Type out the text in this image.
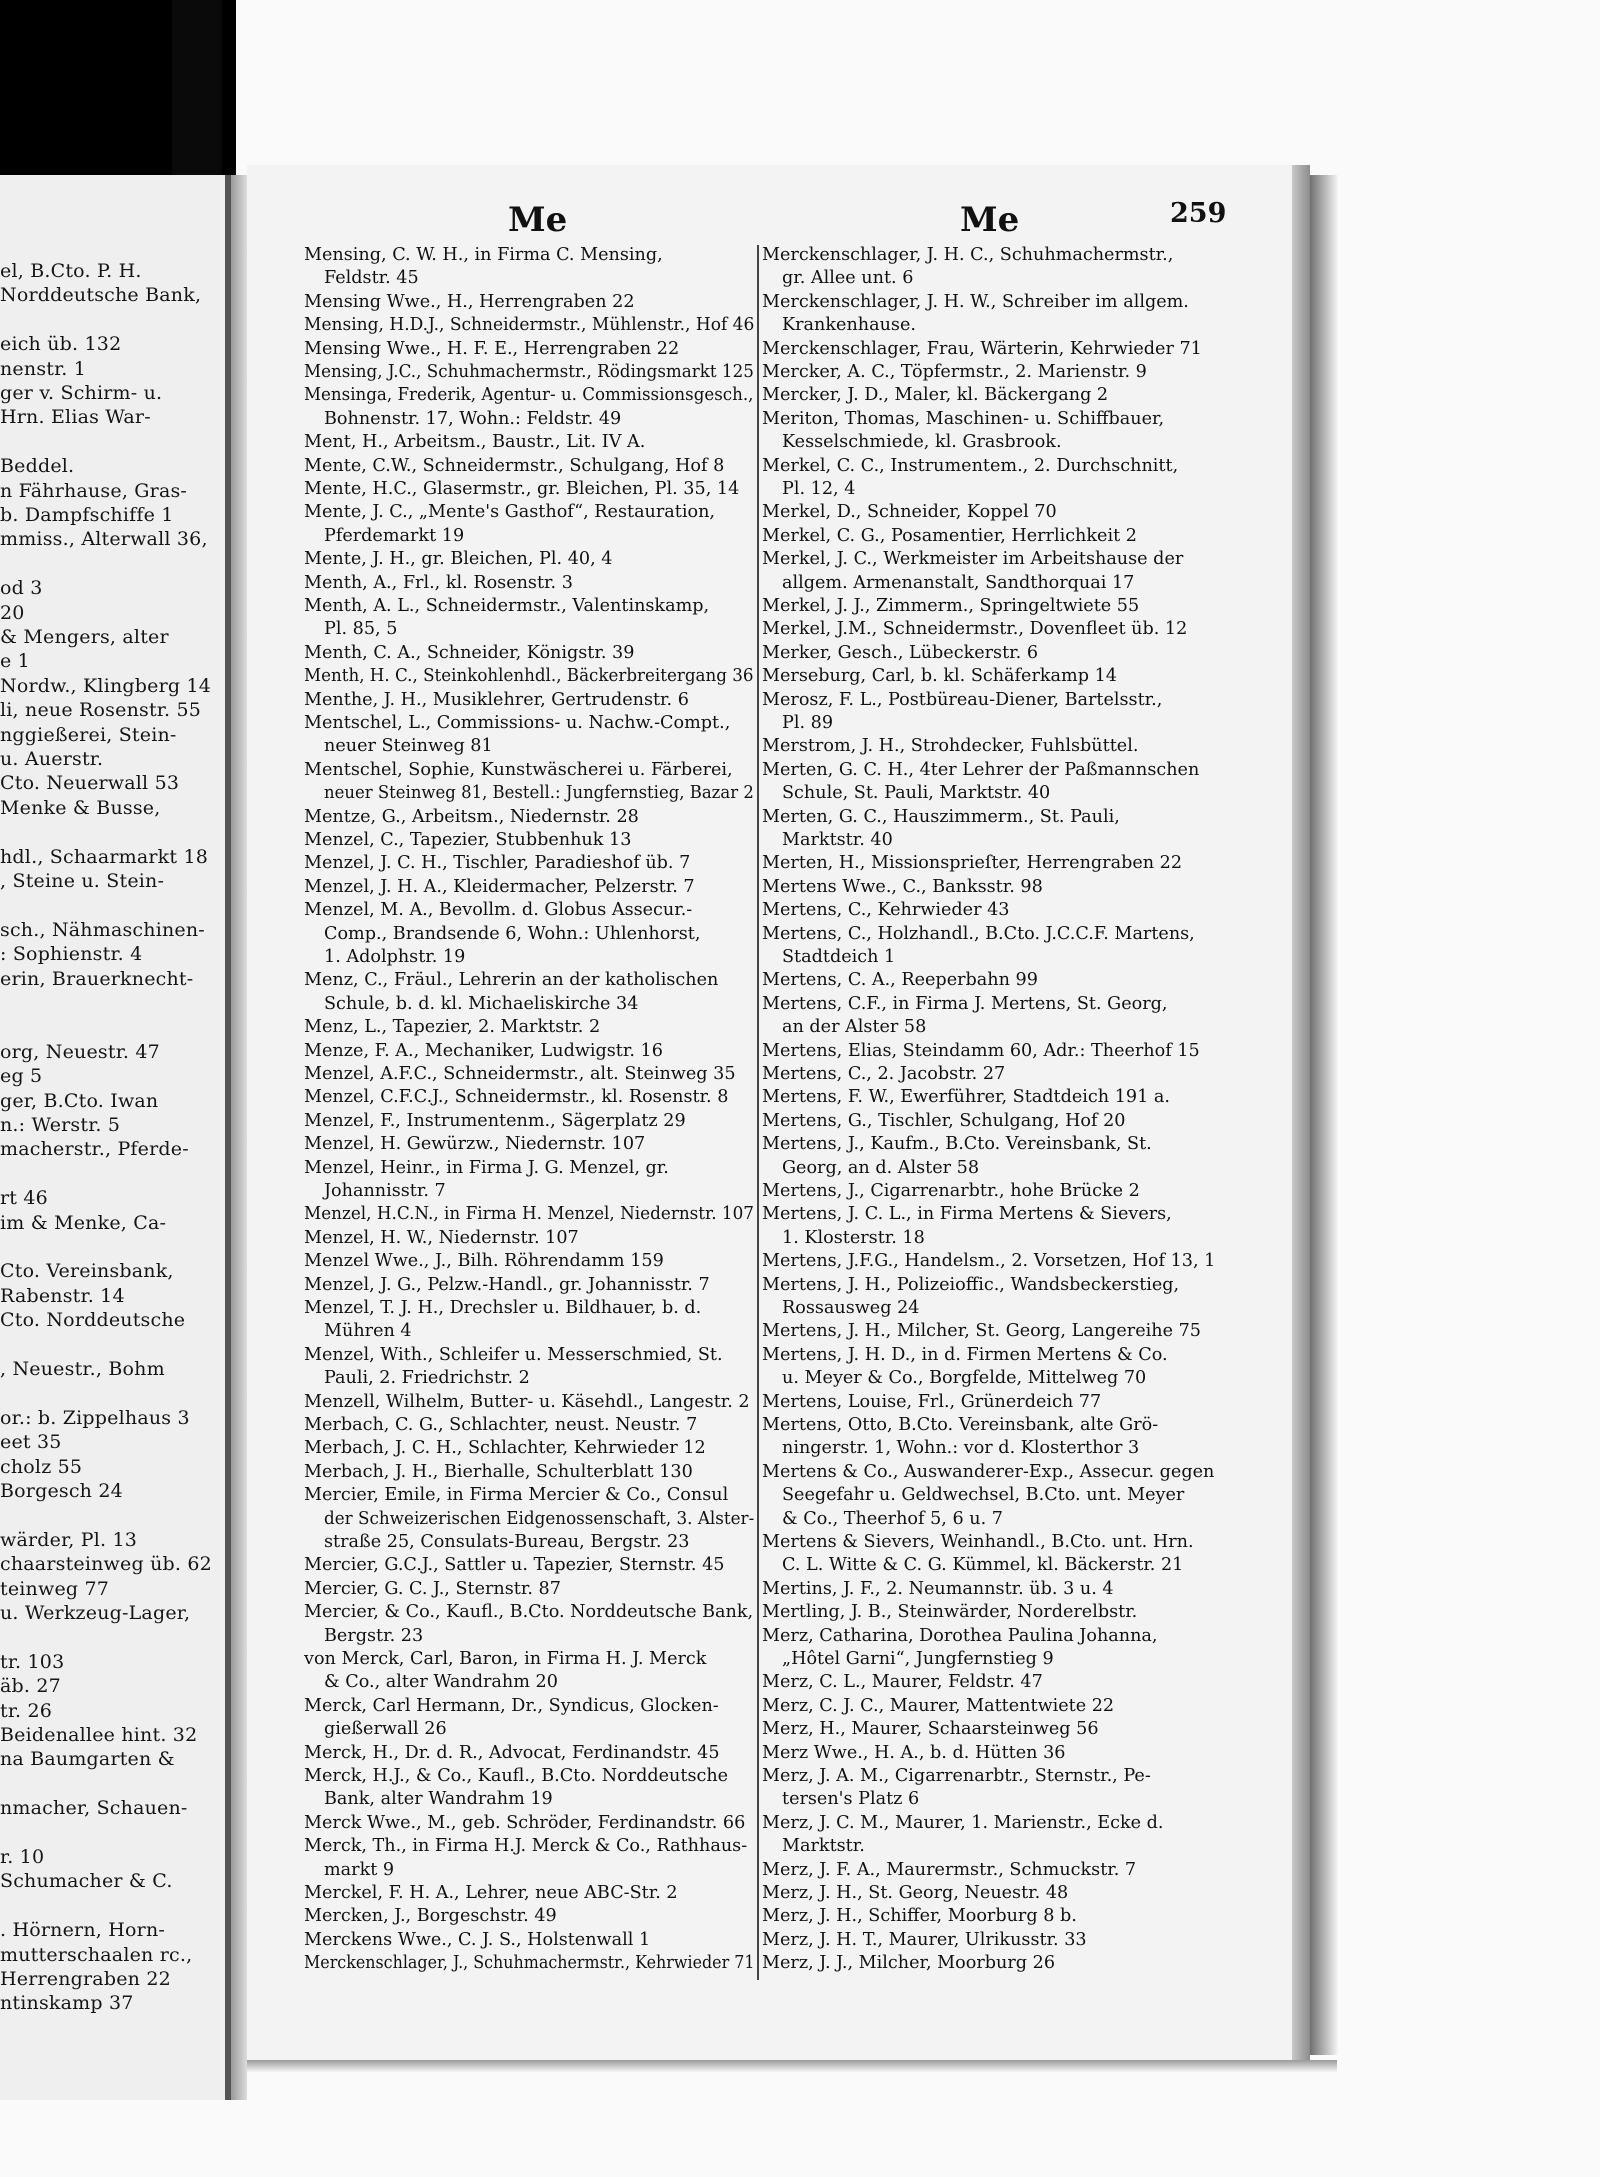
el, B.Cto. P. H.
Norddeutsche Bank,
eich üb. 132
nenstr. 1
ger v. Schirm- u.
Hrn. Elias War-
Beddel.
n Fährhause, Gras-
b. Dampfschiffe 1
mmiss., Alterwall 36,
od 3
20
& Mengers, alter
e 1
Nordw., Klingberg 14
li, neue Rosenstr. 55
nggießerei, Stein-
u. Auerstr.
Cto. Neuerwall 53
Menke & Busse,
hdl., Schaarmarkt 18
, Steine u. Stein-
sch., Nähmaschinen-
: Sophienstr. 4
erin, Brauerknecht-
org, Neuestr. 47
eg 5
ger, B.Cto. Iwan
n.: Werstr. 5
macherstr., Pferde-
rt 46
im & Menke, Ca-
Cto. Vereinsbank,
Rabenstr. 14
Cto. Norddeutsche
, Neuestr., Bohm
or.: b. Zippelhaus 3
eet 35
cholz 55
Borgesch 24
wärder, Pl. 13
chaarsteinweg üb. 62
teinweg 77
u. Werkzeug-Lager,
tr. 103
äb. 27
tr. 26
Beidenallee hint. 32
na Baumgarten &
nmacher, Schauen-
r. 10
Schumacher & C.
. Hörnern, Horn-
mutterschaalen rc.,
Herrengraben 22
ntinskamp 37
Me	Me	259
Mensing, C. W. H., in Firma C. Mensing,
Feldstr. 45
Mensing Wwe., H., Herrengraben 22
Mensing, H.D.J., Schneidermstr., Mühlenstr., Hof 46
Mensing Wwe., H. F. E., Herrengraben 22
Mensing, J.C., Schuhmachermstr., Rödingsmarkt 125
Mensinga, Frederik, Agentur- u. Commissionsgesch.,
Bohnenstr. 17, Wohn.: Feldstr. 49
Ment, H., Arbeitsm., Baustr., Lit. IV A.
Mente, C.W., Schneidermstr., Schulgang, Hof 8
Mente, H.C., Glasermstr., gr. Bleichen, Pl. 35, 14
Mente, J. C., „Mente's Gasthof“, Restauration,
Pferdemarkt 19
Mente, J. H., gr. Bleichen, Pl. 40, 4
Menth, A., Frl., kl. Rosenstr. 3
Menth, A. L., Schneidermstr., Valentinskamp,
Pl. 85, 5
Menth, C. A., Schneider, Königstr. 39
Menth, H. C., Steinkohlenhdl., Bäckerbreitergang 36
Menthe, J. H., Musiklehrer, Gertrudenstr. 6
Mentschel, L., Commissions- u. Nachw.-Compt.,
neuer Steinweg 81
Mentschel, Sophie, Kunstwäscherei u. Färberei,
neuer Steinweg 81, Bestell.: Jungfernstieg, Bazar 2
Mentze, G., Arbeitsm., Niedernstr. 28
Menzel, C., Tapezier, Stubbenhuk 13
Menzel, J. C. H., Tischler, Paradieshof üb. 7
Menzel, J. H. A., Kleidermacher, Pelzerstr. 7
Menzel, M. A., Bevollm. d. Globus Assecur.-
Comp., Brandsende 6, Wohn.: Uhlenhorst,
1. Adolphstr. 19
Menz, C., Fräul., Lehrerin an der katholischen
Schule, b. d. kl. Michaeliskirche 34
Menz, L., Tapezier, 2. Marktstr. 2
Menze, F. A., Mechaniker, Ludwigstr. 16
Menzel, A.F.C., Schneidermstr., alt. Steinweg 35
Menzel, C.F.C.J., Schneidermstr., kl. Rosenstr. 8
Menzel, F., Instrumentenm., Sägerplatz 29
Menzel, H. Gewürzw., Niedernstr. 107
Menzel, Heinr., in Firma J. G. Menzel, gr.
Johannisstr. 7
Menzel, H.C.N., in Firma H. Menzel, Niedernstr. 107
Menzel, H. W., Niedernstr. 107
Menzel Wwe., J., Bilh. Röhrendamm 159
Menzel, J. G., Pelzw.-Handl., gr. Johannisstr. 7
Menzel, T. J. H., Drechsler u. Bildhauer, b. d.
Mühren 4
Menzel, With., Schleifer u. Messerschmied, St.
Pauli, 2. Friedrichstr. 2
Menzell, Wilhelm, Butter- u. Käsehdl., Langestr. 2
Merbach, C. G., Schlachter, neust. Neustr. 7
Merbach, J. C. H., Schlachter, Kehrwieder 12
Merbach, J. H., Bierhalle, Schulterblatt 130
Mercier, Emile, in Firma Mercier & Co., Consul
der Schweizerischen Eidgenossenschaft, 3. Alster-
straße 25, Consulats-Bureau, Bergstr. 23
Mercier, G.C.J., Sattler u. Tapezier, Sternstr. 45
Mercier, G. C. J., Sternstr. 87
Mercier, & Co., Kaufl., B.Cto. Norddeutsche Bank,
Bergstr. 23
von Merck, Carl, Baron, in Firma H. J. Merck
& Co., alter Wandrahm 20
Merck, Carl Hermann, Dr., Syndicus, Glocken-
gießerwall 26
Merck, H., Dr. d. R., Advocat, Ferdinandstr. 45
Merck, H.J., & Co., Kaufl., B.Cto. Norddeutsche
Bank, alter Wandrahm 19
Merck Wwe., M., geb. Schröder, Ferdinandstr. 66
Merck, Th., in Firma H.J. Merck & Co., Rathhaus-
markt 9
Merckel, F. H. A., Lehrer, neue ABC-Str. 2
Mercken, J., Borgeschstr. 49
Merckens Wwe., C. J. S., Holstenwall 1
Merckenschlager, J., Schuhmachermstr., Kehrwieder 71
Merckenschlager, J. H. C., Schuhmachermstr.,
gr. Allee unt. 6
Merckenschlager, J. H. W., Schreiber im allgem.
Krankenhause.
Merckenschlager, Frau, Wärterin, Kehrwieder 71
Mercker, A. C., Töpfermstr., 2. Marienstr. 9
Mercker, J. D., Maler, kl. Bäckergang 2
Meriton, Thomas, Maschinen- u. Schiffbauer,
Kesselschmiede, kl. Grasbrook.
Merkel, C. C., Instrumentem., 2. Durchschnitt,
Pl. 12, 4
Merkel, D., Schneider, Koppel 70
Merkel, C. G., Posamentier, Herrlichkeit 2
Merkel, J. C., Werkmeister im Arbeitshause der
allgem. Armenanstalt, Sandthorquai 17
Merkel, J. J., Zimmerm., Springeltwiete 55
Merkel, J.M., Schneidermstr., Dovenfleet üb. 12
Merker, Gesch., Lübeckerstr. 6
Merseburg, Carl, b. kl. Schäferkamp 14
Merosz, F. L., Postbüreau-Diener, Bartelsstr.,
Pl. 89
Merstrom, J. H., Strohdecker, Fuhlsbüttel.
Merten, G. C. H., 4ter Lehrer der Paßmannschen
Schule, St. Pauli, Marktstr. 40
Merten, G. C., Hauszimmerm., St. Pauli,
Marktstr. 40
Merten, H., Missionsprieſter, Herrengraben 22
Mertens Wwe., C., Banksstr. 98
Mertens, C., Kehrwieder 43
Mertens, C., Holzhandl., B.Cto. J.C.C.F. Martens,
Stadtdeich 1
Mertens, C. A., Reeperbahn 99
Mertens, C.F., in Firma J. Mertens, St. Georg,
an der Alster 58
Mertens, Elias, Steindamm 60, Adr.: Theerhof 15
Mertens, C., 2. Jacobstr. 27
Mertens, F. W., Ewerführer, Stadtdeich 191 a.
Mertens, G., Tischler, Schulgang, Hof 20
Mertens, J., Kaufm., B.Cto. Vereinsbank, St.
Georg, an d. Alster 58
Mertens, J., Cigarrenarbtr., hohe Brücke 2
Mertens, J. C. L., in Firma Mertens & Sievers,
1. Klosterstr. 18
Mertens, J.F.G., Handelsm., 2. Vorsetzen, Hof 13, 1
Mertens, J. H., Polizeioffic., Wandsbeckerstieg,
Rossausweg 24
Mertens, J. H., Milcher, St. Georg, Langereihe 75
Mertens, J. H. D., in d. Firmen Mertens & Co.
u. Meyer & Co., Borgfelde, Mittelweg 70
Mertens, Louise, Frl., Grünerdeich 77
Mertens, Otto, B.Cto. Vereinsbank, alte Grö-
ningerstr. 1, Wohn.: vor d. Klosterthor 3
Mertens & Co., Auswanderer-Exp., Assecur. gegen
Seegefahr u. Geldwechsel, B.Cto. unt. Meyer
& Co., Theerhof 5, 6 u. 7
Mertens & Sievers, Weinhandl., B.Cto. unt. Hrn.
C. L. Witte & C. G. Kümmel, kl. Bäckerstr. 21
Mertins, J. F., 2. Neumannstr. üb. 3 u. 4
Mertling, J. B., Steinwärder, Norderelbstr.
Merz, Catharina, Dorothea Paulina Johanna,
„Hôtel Garni“, Jungfernstieg 9
Merz, C. L., Maurer, Feldstr. 47
Merz, C. J. C., Maurer, Mattentwiete 22
Merz, H., Maurer, Schaarsteinweg 56
Merz Wwe., H. A., b. d. Hütten 36
Merz, J. A. M., Cigarrenarbtr., Sternstr., Pe-
tersen's Platz 6
Merz, J. C. M., Maurer, 1. Marienstr., Ecke d.
Marktstr.
Merz, J. F. A., Maurermstr., Schmuckstr. 7
Merz, J. H., St. Georg, Neuestr. 48
Merz, J. H., Schiffer, Moorburg 8 b.
Merz, J. H. T., Maurer, Ulrikusstr. 33
Merz, J. J., Milcher, Moorburg 26
